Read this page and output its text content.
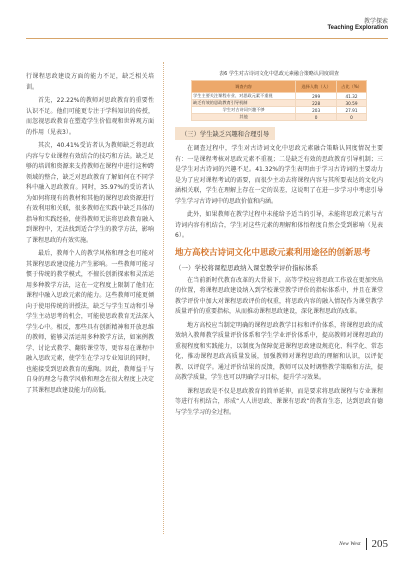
教学探索
Teaching Exploration

行课程思政建设方面的能力不足，缺乏相关培训。

首先，22.22%的教师对思政教育的重要性认识不足。他们可能更专注于学科知识的传授，而忽视思政教育在塑造学生价值观和世界观方面的作用（见表3）。

其次，40.41%受访者认为教师缺乏将思政内容与专业课程有效结合的技巧和方法。缺乏足够的培训和资源来支持教师在课程中进行这种跨领域的整合，缺乏对思政教育了解如何在不同学科中融入思政教育。同时，35.97%的受访者认为如何将现有的教材和其他的课程思政资源进行有效利用和关联，很多教师在实践中缺乏具体的指导和实践经验，使得教师无法将思政教育融入到课程中，无法找到适合学生的教学方法，影响了课程思政的有效实施。

最后，教师个人的教学风格和理念也可能对其课程思政建设能力产生影响。一些教师可能习惯于传统的教学模式，不擅长创新探索和灵活运用多种教学方法，这在一定程度上限制了他们在课程中融入思政元素的能力。这些教师可能更倾向于使用传统的讲授法，缺乏与学生互动和引导学生主动思考的机会，可能使思政教育无法深入学生心中。相反，那些具有创新精神和开放思维的教师，能够灵活运用多种教学方法，如案例教学、讨论式教学、翻转课堂等，更容易在课程中融入思政元素，使学生在学习专业知识的同时，也能接受到思政教育的熏陶。因此，教师益于与自身的理念与教学风格和理念在很大程度上决定了其课程思政建设能力的高低。

表6 学生对古诗词文化中思政元素融合策略认同度调查
调查内容	选择人数（人）	占比（%）
学生主要关注课程专业、对思政元素不重视	299	41.32
缺乏有效的思政教育引导机制	228	30.59
学生对古诗词兴趣不够	203	27.91
其他	0	0
（三）学生缺乏兴趣和合理引导

在调查过程中，学生对古诗词文化中思政元素融合策略认同度情况主要有：一是课程考核对思政元素不重视；二是缺乏有效的思政教育引导机制；三是学生对古诗词的兴趣不足。41.32%的学生表明由于学习古诗词的主要动力是为了应对课程考试的需要，而很少主动去将课程内容与其所要表达的文化内涵相关联，学生在理解上存在一定的误差，这说明了在进一步学习中考虑引导学生学习古诗词中的思政价值和内涵。

此外，如果教师在教学过程中未能给予适当的引导，未能将思政元素与古诗词内容有机结合，学生对这些元素的理解和体悟程度自然会受到影响（见表6）。

地方高校古诗词文化中思政元素利用途径的创新思考
（一）学校将课程思政纳入课堂教学评价指标体系

在当前新时代教育改革的大背景下，高等学校应将思政工作放在更加突出的位置，将课程思政建设纳入到学校课堂教学评价的指标体系中，并且在课堂教学评价中加大对课程思政评价的权重，将思政内容的融入情况作为课堂教学质量评价的重要指标，从而推动课程思政建设，深化课程思政的改革。

地方高校应当制定明确的课程思政教学目标和评价体系，将课程思政的成效纳入教师教学质量评价体系和学生学业评价体系中，提高教师对课程思政的重视程度和实践能力，以制度为保障促进课程思政建设规范化、科学化、常态化，推动课程思政高质量发展，加强教师对课程思政的理解和认识，以评促教、以评促学。通过评价结果的反馈，教师可以及时调整教学策略和方法，提高教学质量，学生也可以明确学习目标，提升学习效果。

课程思政是不仅是思政教育的简单延伸，而是要求将思政课程与专业课程等进行有机结合，形成“人人讲思政、课课有思政”的教育生态，达到思政育德与学生学习的全过程。

New West 205
